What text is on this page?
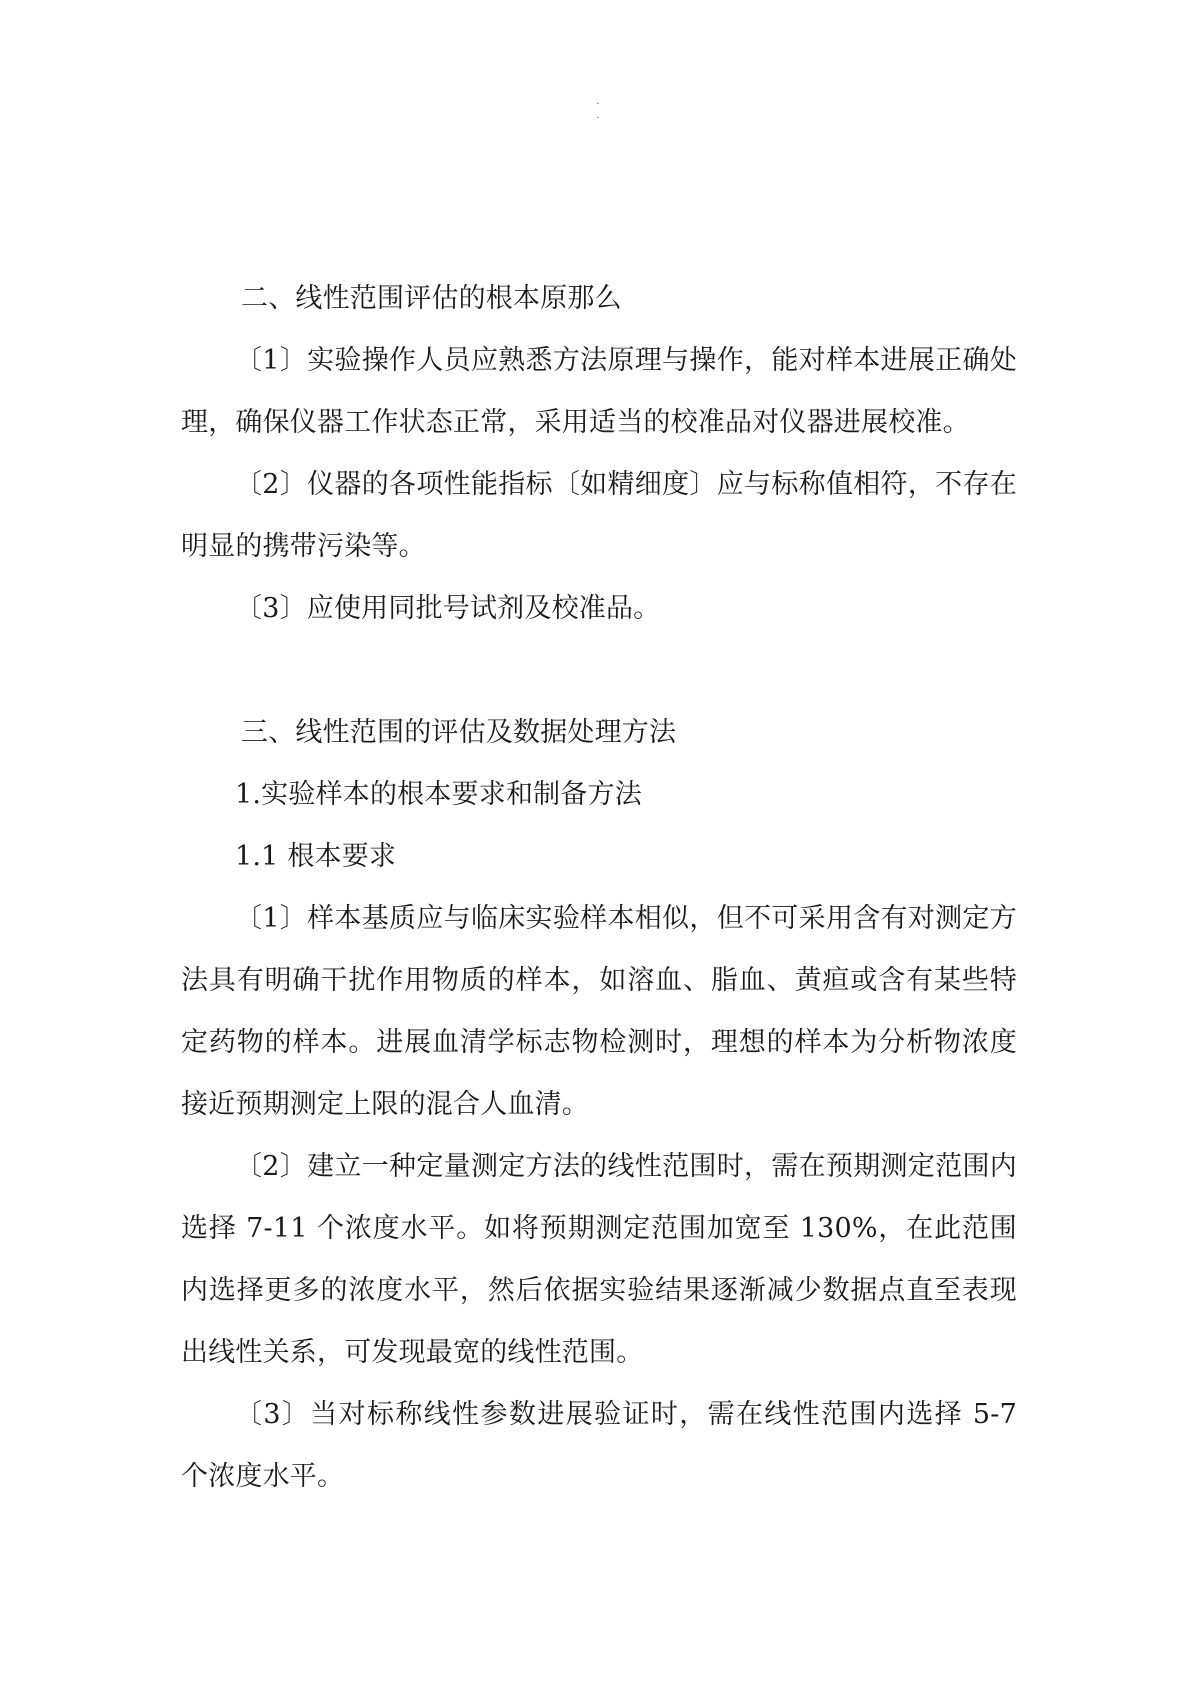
·
·

二、线性范围评估的根本原那么

〔1〕实验操作人员应熟悉方法原理与操作，能对样本进展正确处理，确保仪器工作状态正常，采用适当的校准品对仪器进展校准。

〔2〕仪器的各项性能指标〔如精细度〕应与标称值相符，不存在明显的携带污染等。

〔3〕应使用同批号试剂及校准品。

三、线性范围的评估及数据处理方法

1.实验样本的根本要求和制备方法

1.1 根本要求

〔1〕样本基质应与临床实验样本相似，但不可采用含有对测定方法具有明确干扰作用物质的样本，如溶血、脂血、黄疸或含有某些特定药物的样本。进展血清学标志物检测时，理想的样本为分析物浓度接近预期测定上限的混合人血清。

〔2〕建立一种定量测定方法的线性范围时，需在预期测定范围内选择 7-11 个浓度水平。如将预期测定范围加宽至 130%，在此范围内选择更多的浓度水平，然后依据实验结果逐渐减少数据点直至表现出线性关系，可发现最宽的线性范围。

〔3〕当对标称线性参数进展验证时，需在线性范围内选择 5-7 个浓度水平。
